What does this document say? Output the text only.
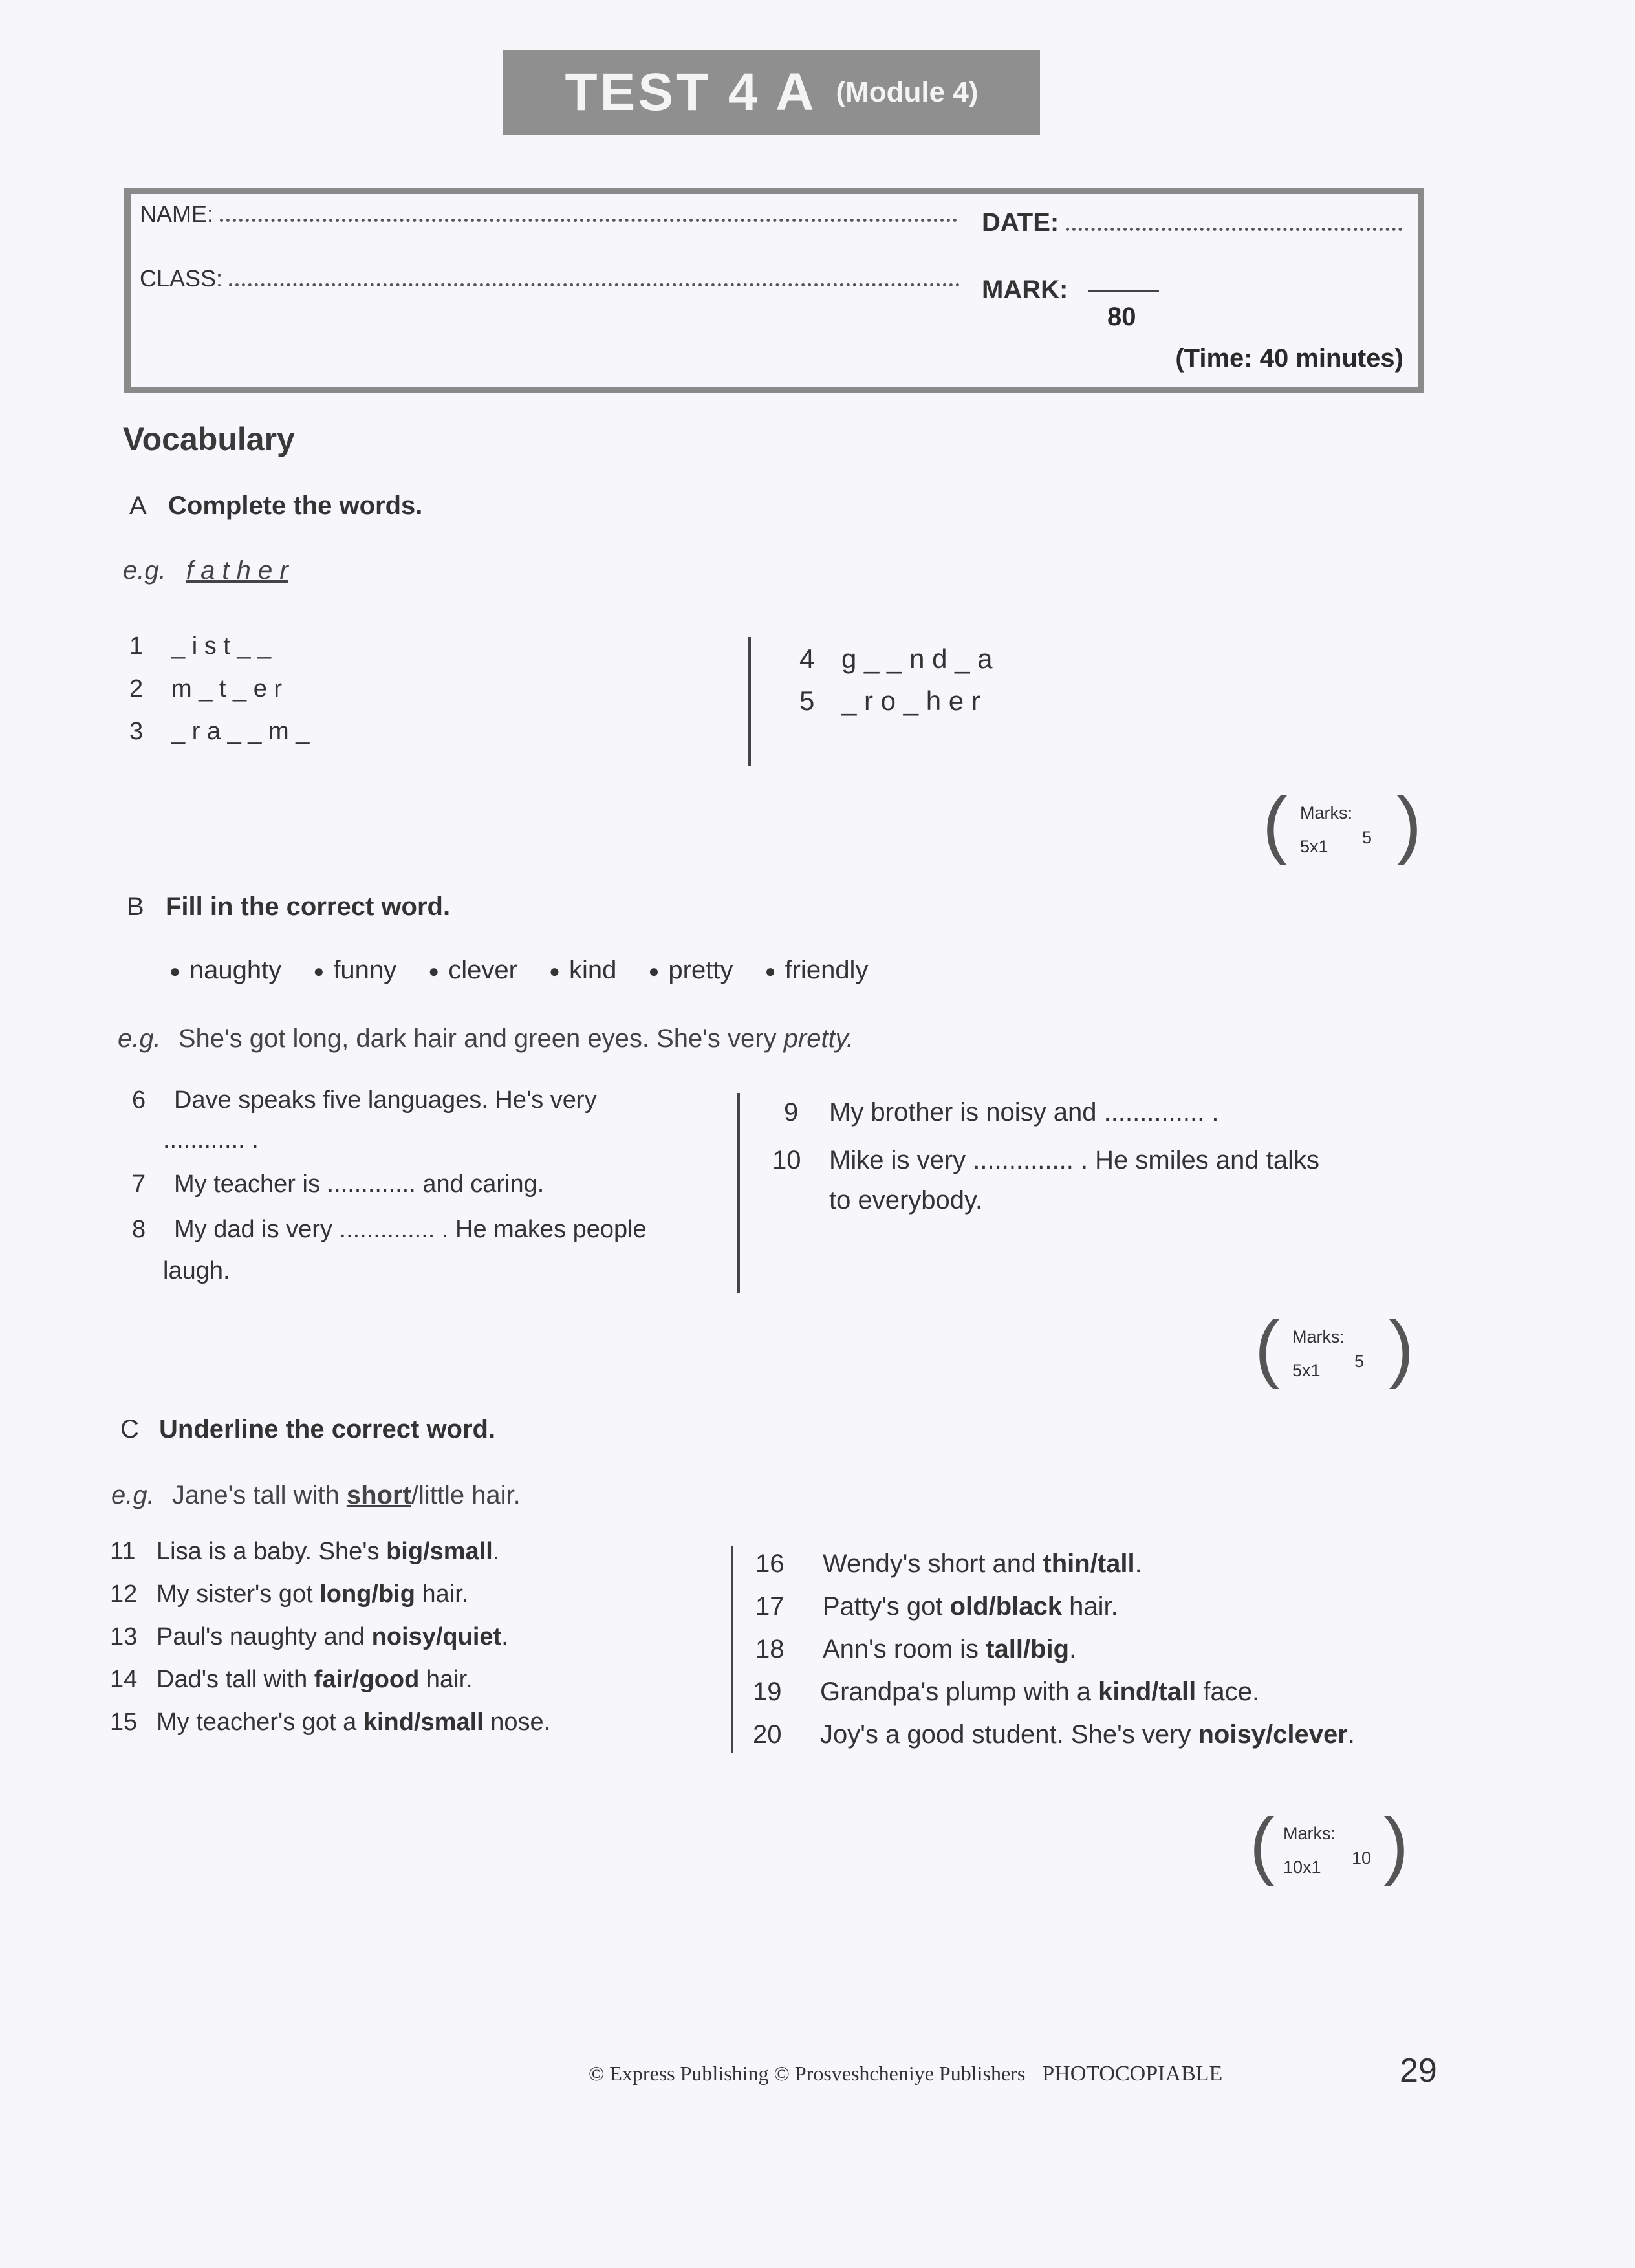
TEST 4 A (Module 4)
NAME:
CLASS:
DATE:
MARK:
80
(Time: 40 minutes)
Vocabulary
A Complete the words.
e.g. f a t h e r
1 _ i s t _ _
2 m _ t _ e r
3 _ r a _ _ m _
4 g _ _ n d _ a
5 _ r o _ h e r
( )
Marks:
5x1 5
B Fill in the correct word.
● naughty ● funny ● clever ● kind ● pretty ● friendly
e.g. She's got long, dark hair and green eyes. She's very pretty.
6 Dave speaks five languages. He's very
............ .
7 My teacher is ............. and caring.
8 My dad is very .............. . He makes people
laugh.
9 My brother is noisy and .............. .
10 Mike is very .............. . He smiles and talks
to everybody.
( )
Marks:
5x1 5
C Underline the correct word.
e.g. Jane's tall with short/little hair.
11 Lisa is a baby. She's big/small.
12 My sister's got long/big hair.
13 Paul's naughty and noisy/quiet.
14 Dad's tall with fair/good hair.
15 My teacher's got a kind/small nose.
16 Wendy's short and thin/tall.
17 Patty's got old/black hair.
18 Ann's room is tall/big.
19 Grandpa's plump with a kind/tall face.
20 Joy's a good student. She's very noisy/clever.
( )
Marks:
10x1 10
© Express Publishing © Prosveshcheniye Publishers PHOTOCOPIABLE	29
